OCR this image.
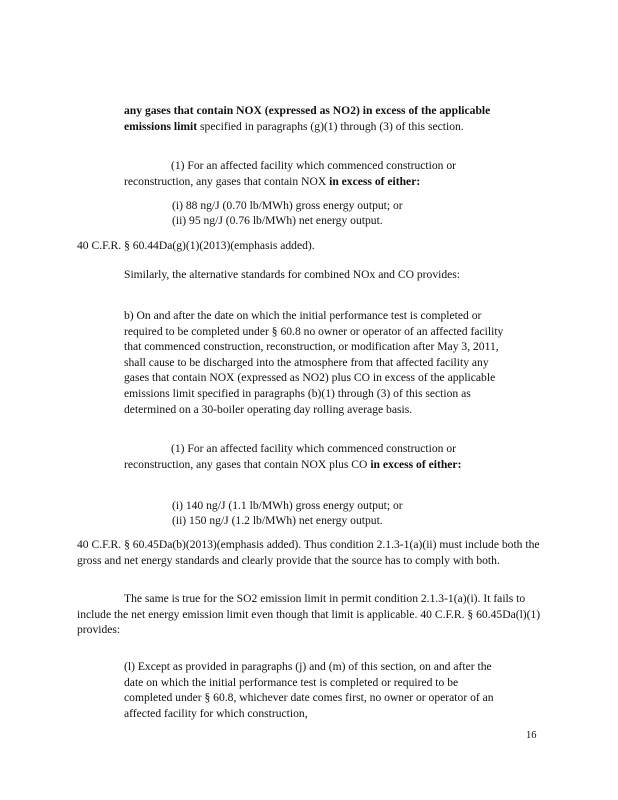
any gases that contain NOX (expressed as NO2) in excess of the applicable emissions limit specified in paragraphs (g)(1) through (3) of this section.

(1) For an affected facility which commenced construction or reconstruction, any gases that contain NOX in excess of either:

(i) 88 ng/J (0.70 lb/MWh) gross energy output; or

(ii) 95 ng/J (0.76 lb/MWh) net energy output.

40 C.F.R. § 60.44Da(g)(1)(2013)(emphasis added).

Similarly, the alternative standards for combined NOx and CO provides:

b) On and after the date on which the initial performance test is completed or required to be completed under § 60.8 no owner or operator of an affected facility that commenced construction, reconstruction, or modification after May 3, 2011, shall cause to be discharged into the atmosphere from that affected facility any gases that contain NOX (expressed as NO2) plus CO in excess of the applicable emissions limit specified in paragraphs (b)(1) through (3) of this section as determined on a 30-boiler operating day rolling average basis.

(1) For an affected facility which commenced construction or reconstruction, any gases that contain NOX plus CO in excess of either:

(i) 140 ng/J (1.1 lb/MWh) gross energy output; or

(ii) 150 ng/J (1.2 lb/MWh) net energy output.

40 C.F.R. § 60.45Da(b)(2013)(emphasis added). Thus condition 2.1.3-1(a)(ii) must include both the gross and net energy standards and clearly provide that the source has to comply with both.

The same is true for the SO2 emission limit in permit condition 2.1.3-1(a)(i). It fails to include the net energy emission limit even though that limit is applicable. 40 C.F.R. § 60.45Da(l)(1) provides:

(l) Except as provided in paragraphs (j) and (m) of this section, on and after the date on which the initial performance test is completed or required to be completed under § 60.8, whichever date comes first, no owner or operator of an affected facility for which construction,

16
